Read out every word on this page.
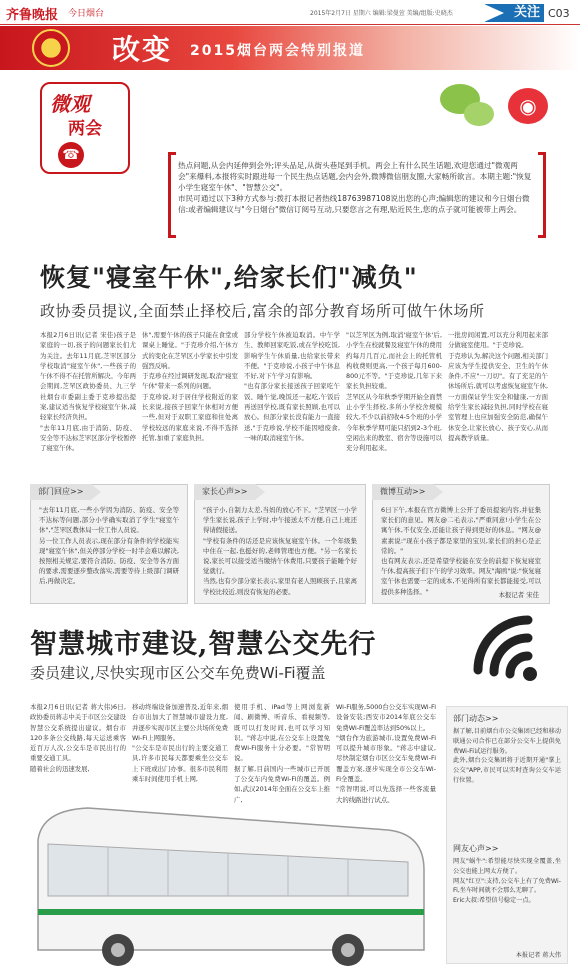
齐鲁晚报 今日烟台	2015年2月7日 星期六 编辑:梁曼萱 美编/组版:史晓杰	关注 C03
改变 2015烟台两会特别报道
微观
两会
☎
◉
热点问题,从会内延伸到会外;评头品足,从街头巷尾到手机。两会上有什么民生话题,欢迎您通过"微观两会"来爆料,本报将实时跟进每一个民生热点话题,会内会外,微博微信朋友圈,大家畅所欲言。本期主题:"恢复小学生寝室午休"、"智慧公交"。
市民可通过以下3种方式参与:拨打本报记者热线18763987108说出您的心声;编辑您的建议和今日烟台微信:或者编辑建议与"今日烟台"微信订阅号互动,只要您言之有理,贴近民生,您的点子就可能被带上两会。
恢复"寝室午休",给家长们"减负"
政协委员提议,全面禁止择校后,富余的部分教育场所可做午休场所
本报2月6日讯(记者 宋佳)孩子是家庭的一切,孩子的问题家长们尤为关注。去年11月底,芝罘区部分学校取消"寝室午休",一些孩子的午休不得不在托管所解决。今年两会期间,芝罘区政协委员、九三学社烟台市委副主委于克珍提出提案,建议适当恢复学校寝室午休,减轻家长经济负担。
"去年11月底,由于消防、防疫、安全等不达标芝罘区部分学校暂停了寝室午休。
休",需要午休的孩子只能在食堂或课桌上睡觉。"于克珍介绍,午休方式的变化在芝罘区小学家长中引发强烈反响。
于克珍在经过调研发现,取消"寝室午休"带来一系列的问题。
于克珍说,对于居住学校附近的家长来说,接孩子回家午休相对方便一些,但对于双职工家庭和住处离学校较远的家庭来说,不得不选择托管,加重了家庭负担。
部分学校午休被迫取消。中午学生、教师回家吃饭,或在学校吃饭,影响学生午休质量,也给家长带来不便。"于克珍说,小孩子中午休息不好,对下午学习有影响。
"也有部分家长接送孩子回家吃午饭、睡午觉,晚饭还一起吃,午饭后再送回学校,既有家长照顾,也可以放心。但部分家长没有能力一直接送,"于克珍说,学校不能因噎废食,一味的取消寝室午休。
"以芝罘区为例,取消'寝室午休'后,小学生在校就餐及寝室午休的费用约每月几百元,而社会上的托管机构收费则更高,一个孩子每月600-800元不等。"于克珍说,几年下来家长负担较重。
芝罘区从今年秋季学期开始全面禁止小学生择校,多所小学校舍规模较大,不少以前招收4-5个班的小学今年秋季学期可能只招到2-3个班,空闲出来的教室、宿舍等设施可以充分利用起来。
一批房间闲置,可以充分利用起来部分做寝室使用。"于克珍说。
于克珍认为,解决这个问题,相关部门应该为学生提供安全、卫生的午休条件,不应"一刀切"。有了充足的午休场所后,就可以考虑恢复寝室午休,一方面保证学生安全和健康,一方面给学生家长减轻负担,同时学校在寝室管理上也应加强安全防范,确保午休安全,让家长放心、孩子安心,从而提高教学质量。
部门回应>>
"去年11月底,一些小学因为消防、防疫、安全等不达标等问题,部分小学确实取消了学生"寝室午休","芝罘区教体局一位工作人员说。
另一位工作人员表示,现在部分有条件的学校能实现"寝室午休",但关停部分学校一时半会难以解决,按照相关规定,要符合消防、防疫、安全等各方面的要求,需要逐步整改落实,需要等待上级部门调研后,再做决定。
家长心声>>
"孩子小,自制力太差,当妈的放心不下。"芝罘区一小学学生家长说,孩子上学时,中午接送太不方便,自己上班还得请假接送。
"学校有条件的话还是应该恢复寝室午休。一个年级集中住在一起,也挺好的,老师管理也方便。"另一名家长说,家长可以接受适当缴纳午休费用,只要孩子能睡个好觉就行。
当然,也有少部分家长表示,家里有老人照顾孩子,且家离学校比较近,则没有恢复的必要。
微博互动>>
6日下午,本报在官方微博上公开了委员提案内容,并征集家长们的意见。网友@二毛表示,"严重同意!小学生在公寓午休,不仅安全,还能让孩子得到更好的休息。"网友@素素说:"现在小孩子都是家里的宝贝,家长们的担心是正常的。"
也有网友表示,还是希望学校能在安全的前提下恢复寝室午休,提高孩子们下午的学习效率。网友"海鸥"说:"恢复寝室午休也需要一定的成本,不见得所有家长都能接受,可以提供多种选择。"	本报记者 宋佳
智慧城市建设,智慧公交先行
委员建议,尽快实现市区公交车免费Wi-Fi覆盖
本报2月6日讯(记者 蒋大伟)6日,政协委员蒋志中关于市区公交建设智慧公交系统提出建议。烟台市120多条公交线路,每天运送乘客近百万人次,公交车是市民出行的重要交通工具。
随着社会的迅速发展,
移动终端设备加速普及,近年来,烟台市出加大了智慧城市建设力度,并逐步实现市区主要公共场所免费Wi-Fi上网服务。
"公交车是市民出行的主要交通工具,许多市民每天都要乘坐公交车上下班或出门办事。很多市民利用乘车时间使用手机上网,
使用手机、iPad等上网浏览新闻、刷微博、听音乐、看视频等,既可以打发时间,也可以学习知识。"蒋志中说,在公交车上设置免费Wi-Fi服务十分必要。"常智明说。
据了解,目前国内一些城市已开展了公交车内免费Wi-Fi的覆盖。例如,武汉2014年全面在公交车上推广,
Wi-Fi服务,5000台公交车实现Wi-Fi设备安装;西安市2014年底公交车免费Wi-Fi覆盖率达到50%以上。
"烟台作为旅游城市,设置免费Wi-Fi可以提升城市形象。"蒋志中建议,尽快制定烟台市区公交车免费Wi-Fi覆盖方案,逐步实现全市公交车Wi-Fi全覆盖。
"常智明说,可以先选择一些客流量大的线路进行试点。
部门动态>>
据了解,目前烟台市公交集团已经和移动联通公司合作已在部分公交车上提供免费Wi-Fi试运行服务。
此外,烟台公交集团将于近期开通"掌上公交"APP,市民可以实时查询公交车运行位置。
网友心声>>
网友"蜗牛":希望能尽快实现全覆盖,坐公交也能上网太方便了。
网友"红豆":支持,公交车上有了免费Wi-Fi,坐车时间就不会那么无聊了。
Eric大叔:希望信号稳定一点。
本报记者 蒋大伟
